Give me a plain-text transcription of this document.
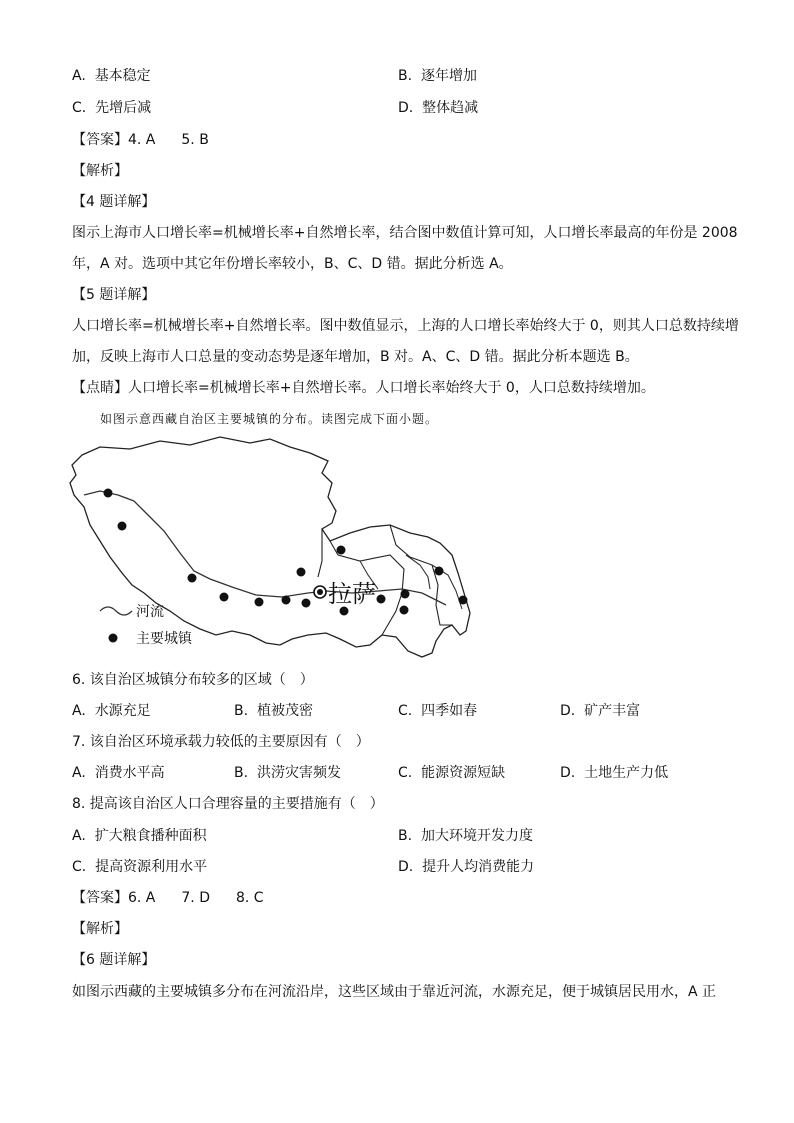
A. 基本稳定	B. 逐年增加
C. 先增后减	D. 整体趋减
【答案】4. A 5. B
【解析】
【4 题详解】
图示上海市人口增长率=机械增长率+自然增长率，结合图中数值计算可知，人口增长率最高的年份是 2008
年，A 对。选项中其它年份增长率较小，B、C、D 错。据此分析选 A。
【5 题详解】
人口增长率=机械增长率+自然增长率。图中数值显示，上海的人口增长率始终大于 0，则其人口总数持续增
加，反映上海市人口总量的变动态势是逐年增加，B 对。A、C、D 错。据此分析本题选 B。
【点睛】人口增长率=机械增长率+自然增长率。人口增长率始终大于 0，人口总数持续增加。
如图示意西藏自治区主要城镇的分布。读图完成下面小题。
拉萨
河流
主要城镇
6. 该自治区城镇分布较多的区域（　）
A. 水源充足	B. 植被茂密	C. 四季如春	D. 矿产丰富
7. 该自治区环境承载力较低的主要原因有（　）
A. 消费水平高	B. 洪涝灾害频发	C. 能源资源短缺	D. 土地生产力低
8. 提高该自治区人口合理容量的主要措施有（　）
A. 扩大粮食播种面积	B. 加大环境开发力度
C. 提高资源利用水平	D. 提升人均消费能力
【答案】6. A 7. D 8. C
【解析】
【6 题详解】
如图示西藏的主要城镇多分布在河流沿岸，这些区域由于靠近河流，水源充足，便于城镇居民用水，A 正
